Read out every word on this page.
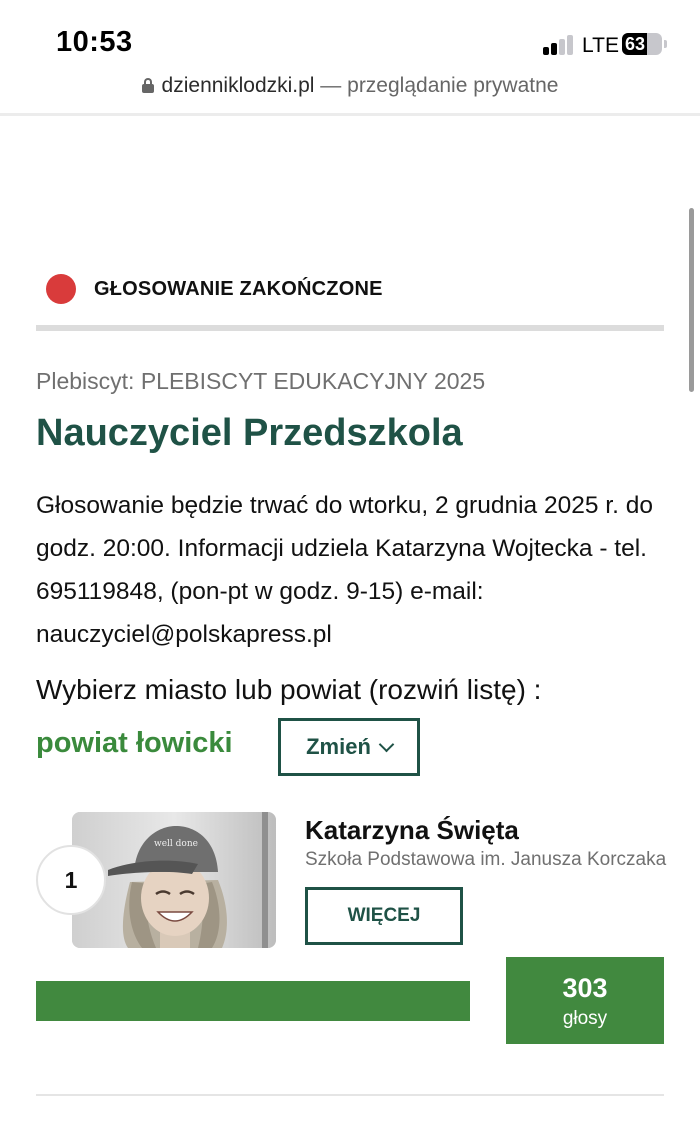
10:53	LTE 63
dzienniklodzki.pl — przeglądanie prywatne
GŁOSOWANIE ZAKOŃCZONE
Plebiscyt: PLEBISCYT EDUKACYJNY 2025
Nauczyciel Przedszkola

Głosowanie będzie trwać do wtorku, 2 grudnia 2025 r. do godz. 20:00. Informacji udziela Katarzyna Wojtecka - tel. 695119848, (pon-pt w godz. 9-15) e-mail: nauczyciel@polskapress.pl

Wybierz miasto lub powiat (rozwiń listę) :
powiat łowicki	Zmień
well done
1
Katarzyna Święta
Szkoła Podstawowa im. Janusza Korczaka
WIĘCEJ
303
głosy
